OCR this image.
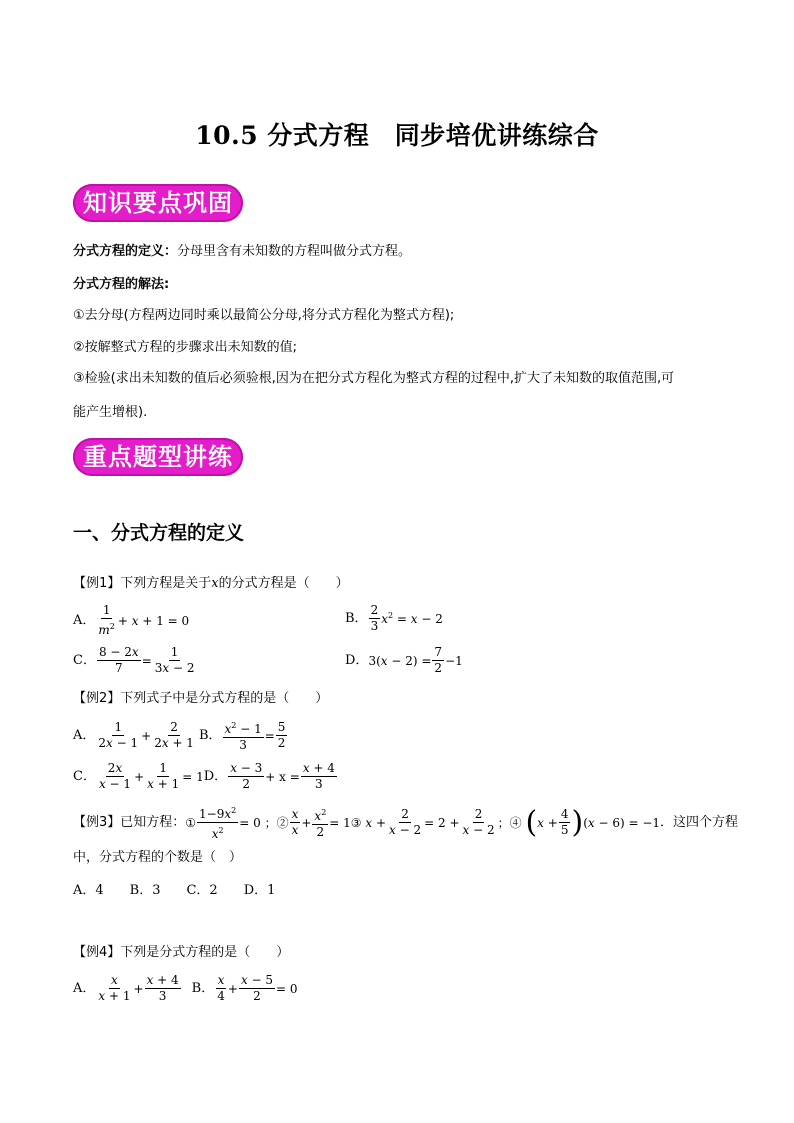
10.5 分式方程　同步培优讲练综合
知识要点巩固
分式方程的定义：分母里含有未知数的方程叫做分式方程。
分式方程的解法:
①去分母(方程两边同时乘以最简公分母,将分式方程化为整式方程);
②按解整式方程的步骤求出未知数的值;
③检验(求出未知数的值后必须验根,因为在把分式方程化为整式方程的过程中,扩大了未知数的取值范围,可
能产生增根).
重点题型讲练
一、分式方程的定义
【例1】下列方程是关于x的分式方程是（　　）
A． $\frac{1}{m^2} + x + 1 = 0$	B． $\frac{2}{3} x^2 = x - 2$
C． $\frac{8 - 2x}{7} = \frac{1}{3x - 2}$	D． $3(x - 2) = \frac{7}{2} -1$
【例2】下列式子中是分式方程的是（　　）
A． $\frac{1}{2x - 1} + \frac{2}{2x + 1}$ B． $\frac{x^2 - 1}{3} = \frac{5}{2}$
C． $\frac{2x}{x - 1} + \frac{1}{x + 1} = 1$ D． $\frac{x - 3}{2} + x = \frac{x + 4}{3}$
【例3】已知方程： ① $\frac{1-9x^2}{x^2} = 0$ ；② $\frac{x}{x} + \frac{x^2}{2}$ = 1③ $x + \frac{2}{x - 2} = 2 + \frac{2}{x - 2}$ ；④ ( $x + \frac{4}{5}$ ) (x − 6) = −1 ．这四个方程
中，分式方程的个数是（　）
A．4　　B．3　　C．2　　D．1
【例4】下列是分式方程的是（　　）
A． $\frac{x}{x + 1} + \frac{x + 4}{3}$ B． $\frac{x}{4} + \frac{x - 5}{2} = 0$
